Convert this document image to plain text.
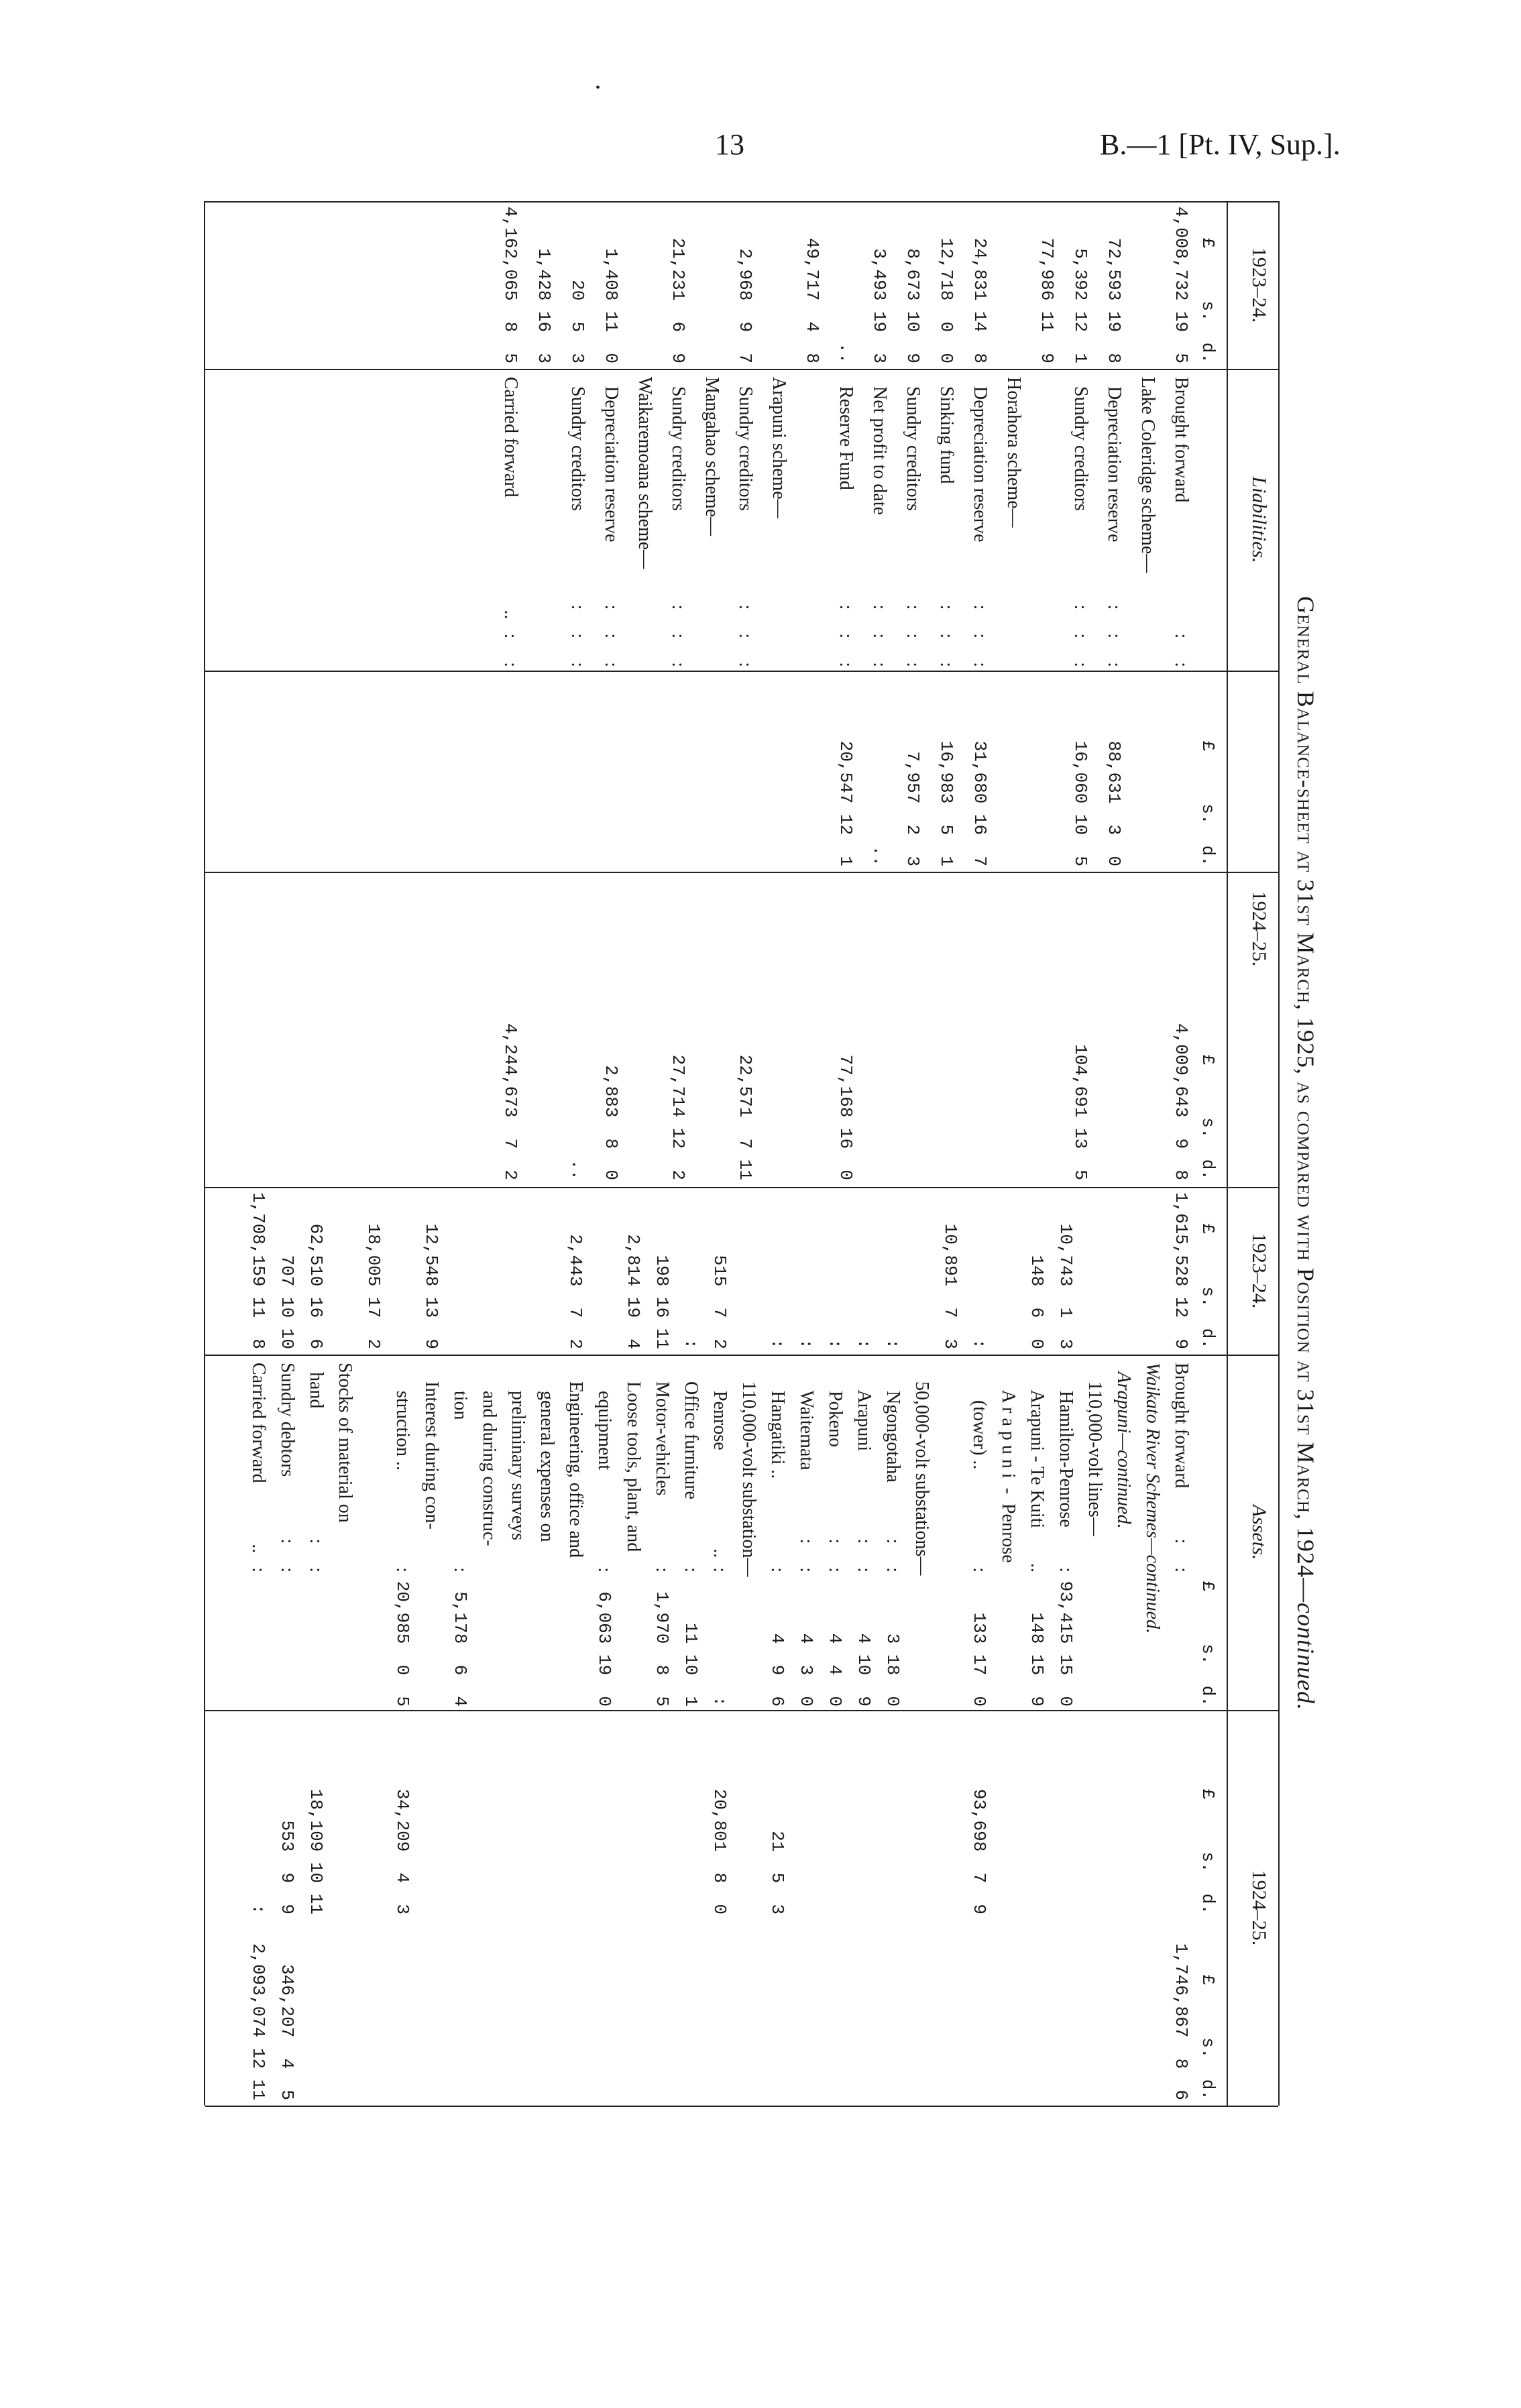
13	B.—1 [Pt. IV, Sup.].
•
General Balance-sheet at 31st March, 1925, as compared with Position at 31st March, 1924—continued.
1923–24.
Liabilities.
1924–25.
1923–24.
Assets.
1924–25.
£     s.  d.
£     s.  d.
£     s.  d.
£     s.  d.
£     s.  d.
£     s.  d.
£     s.  d.
4,008,732 19  5
Brought forward
:     :
4,009,643  9  8
Lake Coleridge scheme—
72,593 19  8
Depreciation reserve
:     :     :
88,631  3  0
5,392 12  1
Sundry creditors
:     :     :
16,060 10  5
104,691 13  5
77,986 11  9
Horahora scheme—
24,831 14  8
Depreciation reserve
:     :     :
31,680 16  7
12,718  0  0
Sinking fund
:     :     :
16,983  5  1
8,673 10  9
Sundry creditors
:     :     :
7,957  2  3
3,493 19  3
Net profit to date
:     :     :
..
..
Reserve Fund
:     :     :
20,547 12  1
77,168 16  0
49,717  4  8
Arapuni scheme—
2,968  9  7
Sundry creditors
:     :     :
22,571  7 11
Mangahao scheme—
21,231  6  9
Sundry creditors
:     :     :
27,714 12  2
Waikaremoana scheme—
1,408 11  0
Depreciation reserve
:     :     :
2,883  8  0
20  5  3
Sundry creditors
:     :     :
..
1,428 16  3
4,162,065  8  5
Carried forward
..   :     :
4,244,673  7  2
1,615,528 12  9
Brought forward
:     :
1,746,867  8  6
Waikato River Schemes—continued.
Arapuni—continued.
110,000-volt lines—
10,743  1  3
Hamilton-Penrose
:
93,415 15  0
148  6  0
Arapuni - Te Kuiti
..
148 15  9
A r a p u n i  -  Penrose
:
(tower) ..
:
133 17  0
93,698  7  9
10,891  7  3
50,000-volt substations—
:
Ngongotaha
:     :
3 18  0
:
Arapuni
:     :
4 10  9
:
Pokeno
:     :
4  4  0
:
Waitemata
:     :
4  3  0
:
Hangatiki ..
:
4  9  6
21  5  3
110,000-volt substation—
515  7  2
Penrose
..  :
:
20,801  8  0
:
Office furniture
:
11 10  1
198 16 11
Motor-vehicles
:
1,970  8  5
2,814 19  4
Loose tools, plant, and
equipment
:
6,063 19  0
2,443  7  2
Engineering, office and
general expenses on
preliminary surveys
and during construc-
tion
:
5,178  6  4
12,548 13  9
Interest during con-
struction ..
:
20,985  0  5
34,209  4  3
18,005 17  2
Stocks of material on
62,510 16  6
hand
:     :
18,109 10 11
707 10 10
Sundry debtors
:     :
553  9  9
346,207  4  5
1,708,159 11  8
Carried forward
..   :
:
2,093,074 12 11
